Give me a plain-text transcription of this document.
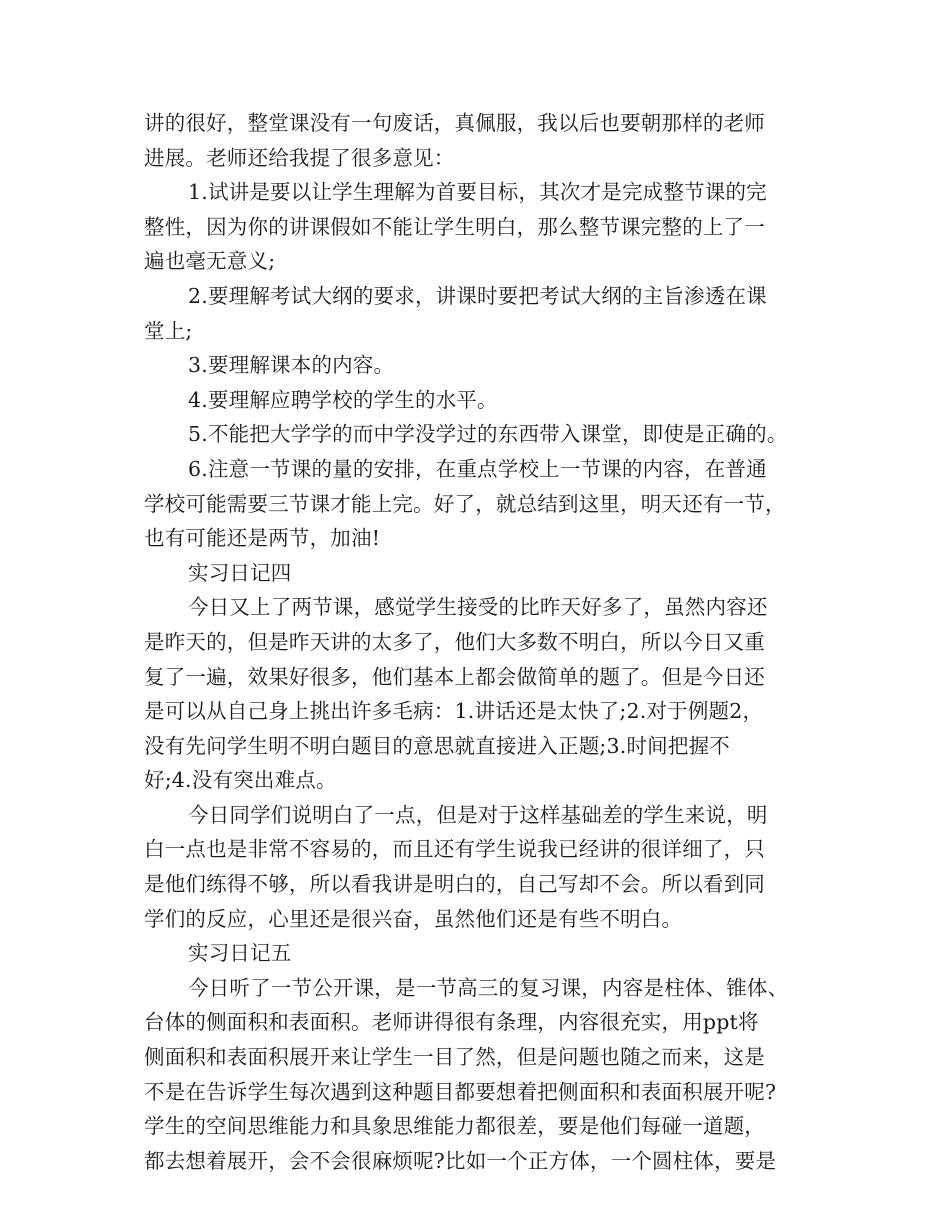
讲的很好，整堂课没有一句废话，真佩服，我以后也要朝那样的老师
进展。老师还给我提了很多意见：
1.试讲是要以让学生理解为首要目标，其次才是完成整节课的完
整性，因为你的讲课假如不能让学生明白，那么整节课完整的上了一
遍也毫无意义;
2.要理解考试大纲的要求，讲课时要把考试大纲的主旨渗透在课
堂上;
3.要理解课本的内容。
4.要理解应聘学校的学生的水平。
5.不能把大学学的而中学没学过的东西带入课堂，即使是正确的。
6.注意一节课的量的安排，在重点学校上一节课的内容，在普通
学校可能需要三节课才能上完。好了，就总结到这里，明天还有一节，
也有可能还是两节，加油!
实习日记四
今日又上了两节课，感觉学生接受的比昨天好多了，虽然内容还
是昨天的，但是昨天讲的太多了，他们大多数不明白，所以今日又重
复了一遍，效果好很多，他们基本上都会做简单的题了。但是今日还
是可以从自己身上挑出许多毛病：1.讲话还是太快了;2.对于例题2，
没有先问学生明不明白题目的意思就直接进入正题;3.时间把握不
好;4.没有突出难点。
今日同学们说明白了一点，但是对于这样基础差的学生来说，明
白一点也是非常不容易的，而且还有学生说我已经讲的很详细了，只
是他们练得不够，所以看我讲是明白的，自己写却不会。所以看到同
学们的反应，心里还是很兴奋，虽然他们还是有些不明白。
实习日记五
今日听了一节公开课，是一节高三的复习课，内容是柱体、锥体、
台体的侧面积和表面积。老师讲得很有条理，内容很充实，用ppt将
侧面积和表面积展开来让学生一目了然，但是问题也随之而来，这是
不是在告诉学生每次遇到这种题目都要想着把侧面积和表面积展开呢?
学生的空间思维能力和具象思维能力都很差，要是他们每碰一道题，
都去想着展开，会不会很麻烦呢?比如一个正方体，一个圆柱体，要是
